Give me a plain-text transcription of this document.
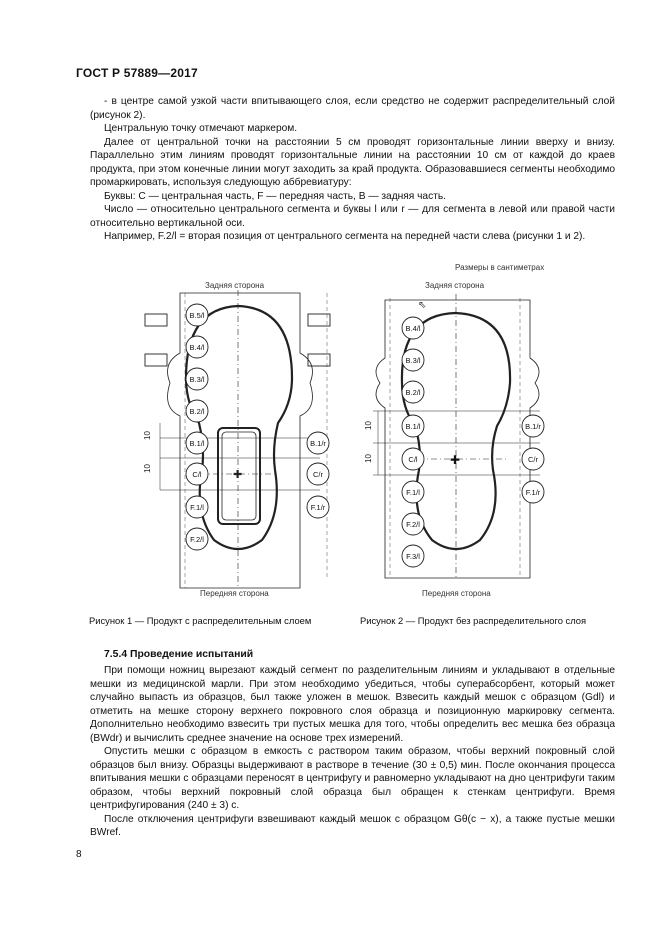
ГОСТ Р 57889—2017

- в центре самой узкой части впитывающего слоя, если средство не содержит распределительный слой (рисунок 2).

Центральную точку отмечают маркером.

Далее от центральной точки на расстоянии 5 см проводят горизонтальные линии вверху и внизу. Параллельно этим линиям проводят горизонтальные линии на расстоянии 10 см от каждой до краев продукта, при этом конечные линии могут заходить за край продукта. Образовавшиеся сегменты необходимо промаркировать, используя следующую аббревиатуру:

Буквы: C — центральная часть, F — передняя часть, B — задняя часть.

Число — относительно центрального сегмента и буквы l или r — для сегмента в левой или правой части относительно вертикальной оси.

Например, F.2/l = вторая позиция от центрального сегмента на передней части слева (рисунки 1 и 2).

Размеры в сантиметрах
Задняя сторона
Передняя сторона
10
10
✚
B.5/l
B.4/l
B.3/l
B.2/l
B.1/l
C/l
F.1/l
F.2/l
B.1/r
C/r
F.1/r
Задняя сторона
Передняя сторона
10
10	✚
⇖
B.4/l
B.3/l
B.2/l
B.1/l
C/l
F.1/l
F.2/l
F.3/l
B.1/r
C/r
F.1/r
Рисунок 1 — Продукт с распределительным слоем	Рисунок 2 — Продукт без распределительного слоя
7.5.4 Проведение испытаний

При помощи ножниц вырезают каждый сегмент по разделительным линиям и укладывают в отдельные мешки из медицинской марли. При этом необходимо убедиться, чтобы суперабсорбент, который может случайно выпасть из образцов, был также уложен в мешок. Взвесить каждый мешок с образцом (Gdl) и отметить на мешке сторону верхнего покровного слоя образца и позиционную маркировку сегмента. Дополнительно необходимо взвесить три пустых мешка для того, чтобы определить вес мешка без образца (BWdr) и вычислить среднее значение на основе трех измерений.

Опустить мешки с образцом в емкость с раствором таким образом, чтобы верхний покровный слой образцов был внизу. Образцы выдерживают в растворе в течение (30 ± 0,5) мин. После окончания процесса впитывания мешки с образцами переносят в центрифугу и равномерно укладывают на дно центрифуги таким образом, чтобы верхний покровный слой образца был обращен к стенкам центрифуги. Время центрифугирования (240 ± 3) с.

После отключения центрифуги взвешивают каждый мешок с образцом Gθ(c − x), а также пустые мешки BWref.

8
